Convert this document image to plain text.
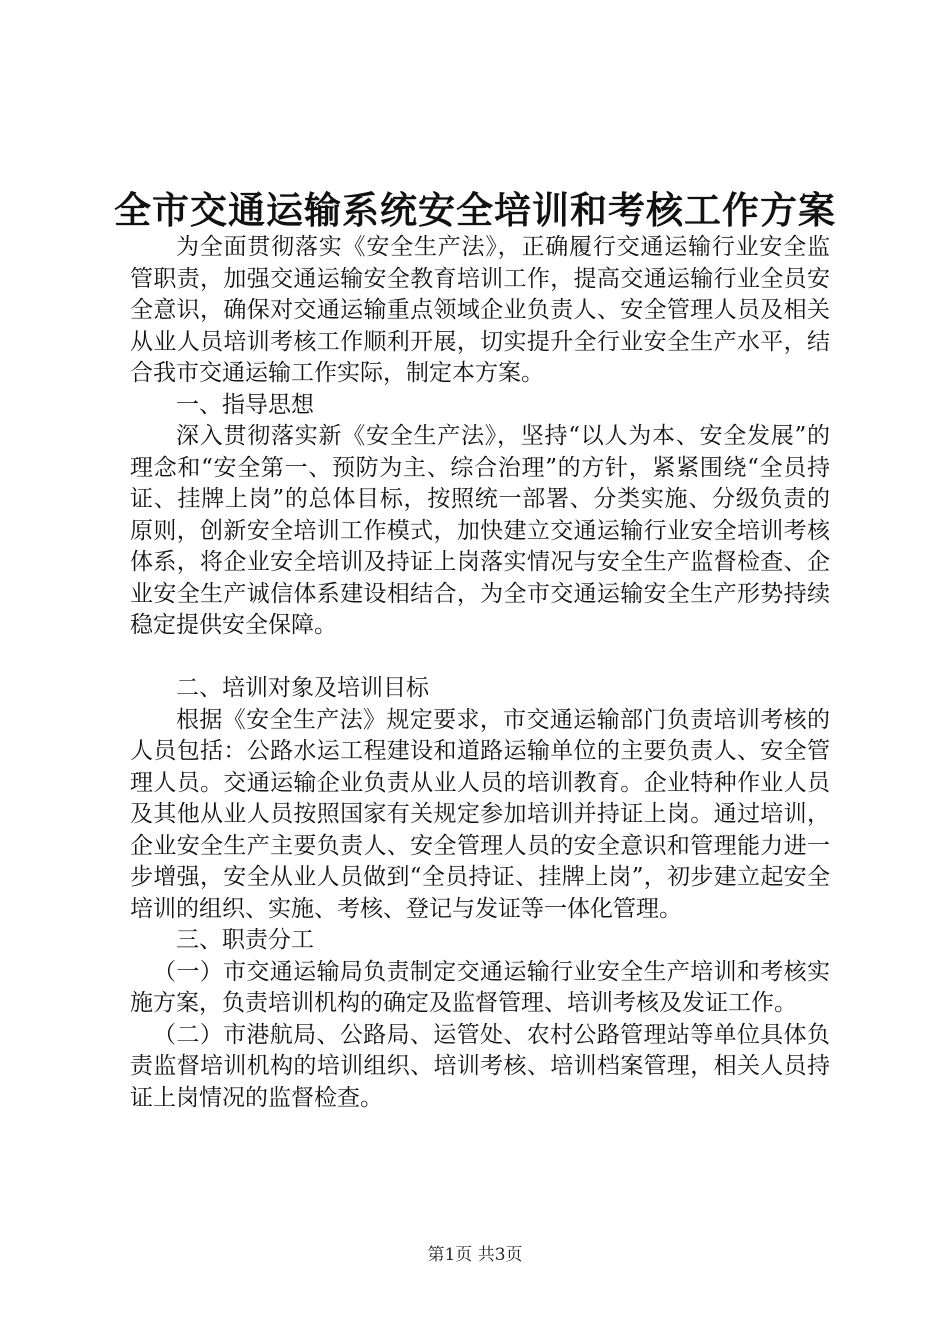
全市交通运输系统安全培训和考核工作方案

为全面贯彻落实《安全生产法》，正确履行交通运输行业安全监管职责，加强交通运输安全教育培训工作，提高交通运输行业全员安全意识，确保对交通运输重点领域企业负责人、安全管理人员及相关从业人员培训考核工作顺利开展，切实提升全行业安全生产水平，结合我市交通运输工作实际，制定本方案。

一、指导思想

深入贯彻落实新《安全生产法》，坚持“以人为本、安全发展”的理念和“安全第一、预防为主、综合治理”的方针，紧紧围绕“全员持证、挂牌上岗”的总体目标，按照统一部署、分类实施、分级负责的原则，创新安全培训工作模式，加快建立交通运输行业安全培训考核体系，将企业安全培训及持证上岗落实情况与安全生产监督检查、企业安全生产诚信体系建设相结合，为全市交通运输安全生产形势持续稳定提供安全保障。

二、培训对象及培训目标

根据《安全生产法》规定要求，市交通运输部门负责培训考核的人员包括：公路水运工程建设和道路运输单位的主要负责人、安全管理人员。交通运输企业负责从业人员的培训教育。企业特种作业人员及其他从业人员按照国家有关规定参加培训并持证上岗。通过培训，企业安全生产主要负责人、安全管理人员的安全意识和管理能力进一步增强，安全从业人员做到“全员持证、挂牌上岗”，初步建立起安全培训的组织、实施、考核、登记与发证等一体化管理。

三、职责分工

（一）市交通运输局负责制定交通运输行业安全生产培训和考核实施方案，负责培训机构的确定及监督管理、培训考核及发证工作。

（二）市港航局、公路局、运管处、农村公路管理站等单位具体负责监督培训机构的培训组织、培训考核、培训档案管理，相关人员持证上岗情况的监督检查。

第1页 共3页
